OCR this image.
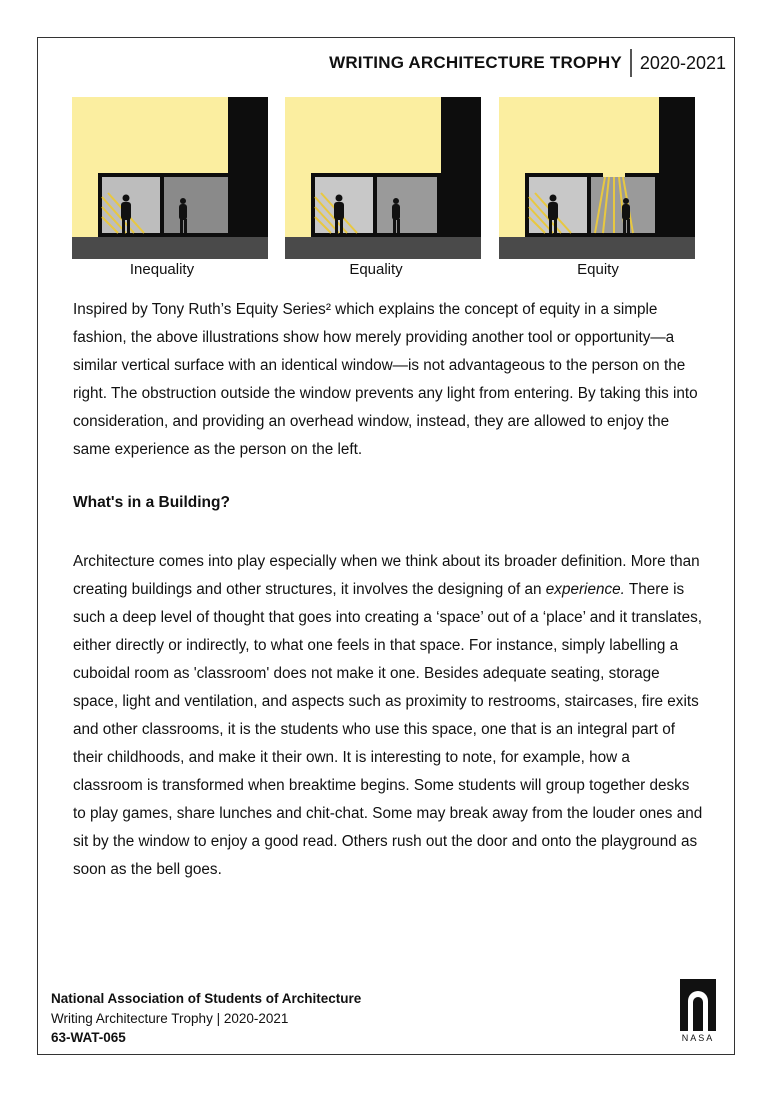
WRITING ARCHITECTURE TROPHY 2020-2021
Inequality	Equality	Equity
Inspired by Tony Ruth’s Equity Series² which explains the concept of equity in a simple fashion, the above illustrations show how merely providing another tool or opportunity—a similar vertical surface with an identical window—is not advantageous to the person on the right. The obstruction outside the window prevents any light from entering. By taking this into consideration, and providing an overhead window, instead, they are allowed to enjoy the same experience as the person on the left.
What's in a Building?
Architecture comes into play especially when we think about its broader definition. More than creating buildings and other structures, it involves the designing of an experience. There is such a deep level of thought that goes into creating a ‘space’ out of a ‘place’ and it translates, either directly or indirectly, to what one feels in that space. For instance, simply labelling a cuboidal room as 'classroom' does not make it one. Besides adequate seating, storage space, light and ventilation, and aspects such as proximity to restrooms, staircases, fire exits and other classrooms, it is the students who use this space, one that is an integral part of their childhoods, and make it their own. It is interesting to note, for example, how a classroom is transformed when breaktime begins. Some students will group together desks to play games, share lunches and chit-chat. Some may break away from the louder ones and sit by the window to enjoy a good read. Others rush out the door and onto the playground as soon as the bell goes.
National Association of Students of Architecture
Writing Architecture Trophy | 2020-2021
63-WAT-065	NASA
